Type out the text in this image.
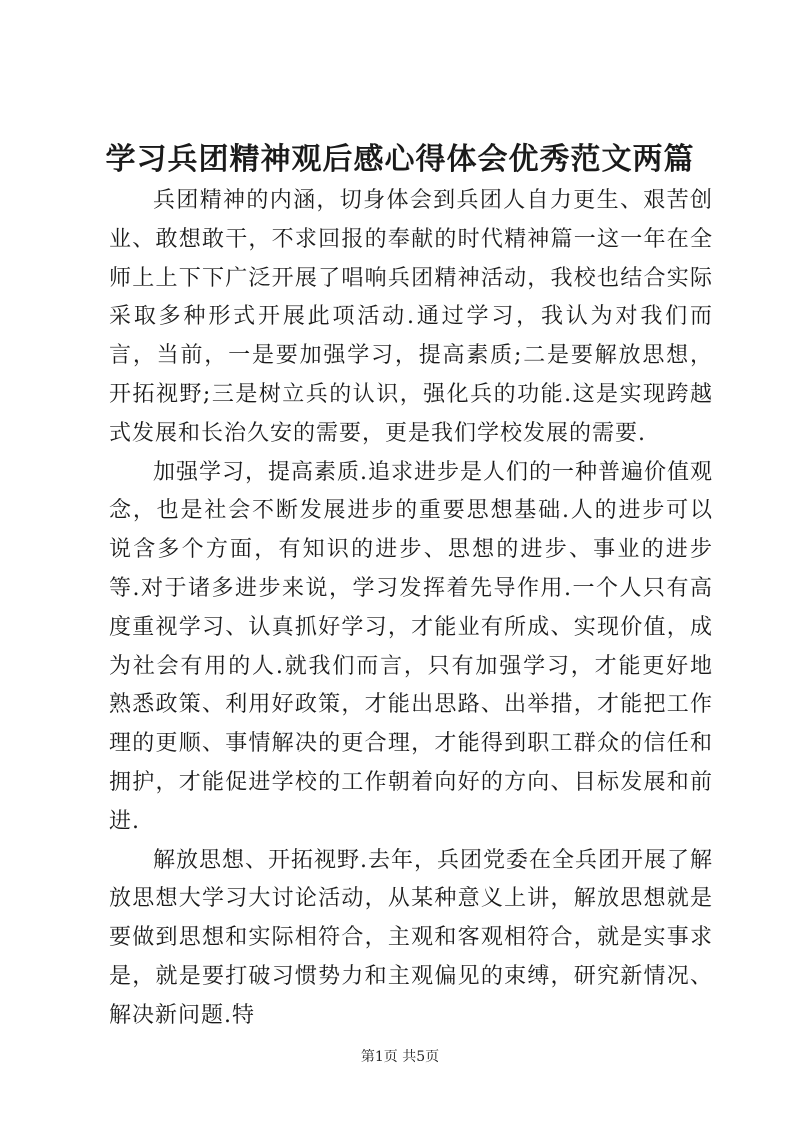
学习兵团精神观后感心得体会优秀范文两篇

兵团精神的内涵，切身体会到兵团人自力更生、艰苦创业、敢想敢干，不求回报的奉献的时代精神篇一这一年在全师上上下下广泛开展了唱响兵团精神活动，我校也结合实际采取多种形式开展此项活动.通过学习，我认为对我们而言，当前，一是要加强学习，提高素质;二是要解放思想，开拓视野;三是树立兵的认识，强化兵的功能.这是实现跨越式发展和长治久安的需要，更是我们学校发展的需要.

加强学习，提高素质.追求进步是人们的一种普遍价值观念，也是社会不断发展进步的重要思想基础.人的进步可以说含多个方面，有知识的进步、思想的进步、事业的进步等.对于诸多进步来说，学习发挥着先导作用.一个人只有高度重视学习、认真抓好学习，才能业有所成、实现价值，成为社会有用的人.就我们而言，只有加强学习，才能更好地熟悉政策、利用好政策，才能出思路、出举措，才能把工作理的更顺、事情解决的更合理，才能得到职工群众的信任和拥护，才能促进学校的工作朝着向好的方向、目标发展和前进.

解放思想、开拓视野.去年，兵团党委在全兵团开展了解放思想大学习大讨论活动，从某种意义上讲，解放思想就是要做到思想和实际相符合，主观和客观相符合，就是实事求是，就是要打破习惯势力和主观偏见的束缚，研究新情况、解决新问题.特

第1页 共5页
